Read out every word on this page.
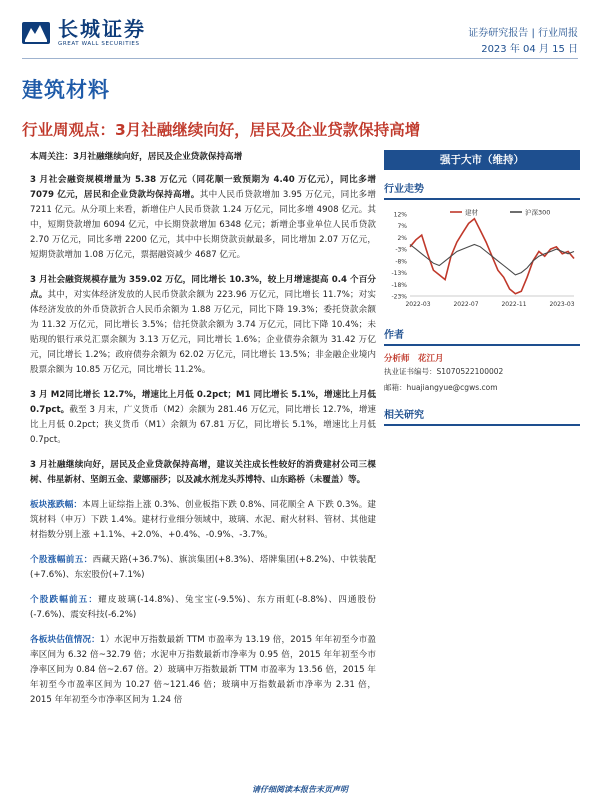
长城证券
GREAT WALL SECURITIES
证券研究报告 | 行业周报
2023 年 04 月 15 日
建筑材料
行业周观点：3月社融继续向好，居民及企业贷款保持高增
本周关注：3月社融继续向好，居民及企业贷款保持高增
3 月社会融资规模增量为 5.38 万亿元（同花顺一致预期为 4.40 万亿元），同比多增 7079 亿元，居民和企业贷款均保持高增。其中人民币贷款增加 3.95 万亿元，同比多增 7211 亿元。从分项上来看，新增住户人民币贷款 1.24 万亿元，同比多增 4908 亿元。其中，短期贷款增加 6094 亿元，中长期贷款增加 6348 亿元；新增企事业单位人民币贷款 2.70 万亿元，同比多增 2200 亿元，其中中长期贷款贡献最多，同比增加 2.07 万亿元，短期贷款增加 1.08 万亿元，票据融资减少 4687 亿元。
3 月社会融资规模存量为 359.02 万亿，同比增长 10.3%，较上月增速提高 0.4 个百分点。其中，对实体经济发放的人民币贷款余额为 223.96 万亿元，同比增长 11.7%；对实体经济发放的外币贷款折合人民币余额为 1.88 万亿元，同比下降 19.3%；委托贷款余额为 11.32 万亿元，同比增长 3.5%；信托贷款余额为 3.74 万亿元，同比下降 10.4%；未贴现的银行承兑汇票余额为 3.13 万亿元，同比增长 1.6%；企业债券余额为 31.42 万亿元，同比增长 1.2%；政府债券余额为 62.02 万亿元，同比增长 13.5%；非金融企业境内股票余额为 10.85 万亿元，同比增长 11.2%。
3 月 M2同比增长 12.7%，增速比上月低 0.2pct；M1 同比增长 5.1%，增速比上月低 0.7pct。截至 3 月末，广义货币（M2）余额为 281.46 万亿元，同比增长 12.7%，增速比上月低 0.2pct；狭义货币（M1）余额为 67.81 万亿，同比增长 5.1%，增速比上月低 0.7pct。
3 月社融继续向好，居民及企业贷款保持高增，建议关注成长性较好的消费建材公司三棵树、伟星新材、坚朗五金、蒙娜丽莎；以及减水剂龙头苏博特、山东路桥（未覆盖）等。
板块涨跌幅：本周上证综指上涨 0.3%、创业板指下跌 0.8%、同花顺全 A 下跌 0.3%。建筑材料（申万）下跌 1.4%。建材行业细分领域中，玻璃、水泥、耐火材料、管材、其他建材指数分别上涨 +1.1%、+2.0%、+0.4%、-0.9%、-3.7%。
个股涨幅前五：西藏天路(+36.7%)、旗滨集团(+8.3%)、塔牌集团(+8.2%)、中铁装配(+7.6%)、东宏股份(+7.1%)
个股跌幅前五：耀皮玻璃(-14.8%)、兔宝宝(-9.5%)、东方雨虹(-8.8%)、四通股份(-7.6%)、震安科技(-6.2%)
各板块估值情况：1）水泥申万指数最新 TTM 市盈率为 13.19 倍，2015 年年初至今市盈率区间为 6.32 倍~32.79 倍；水泥申万指数最新市净率为 0.95 倍，2015 年年初至今市净率区间为 0.84 倍~2.67 倍。2）玻璃申万指数最新 TTM 市盈率为 13.56 倍，2015 年年初至今市盈率区间为 10.27 倍~121.46 倍；玻璃申万指数最新市净率为 2.31 倍，2015 年年初至今市净率区间为 1.24 倍
强于大市（维持）
行业走势
12%
7%
2%
-3%
-8%
-13%
-18%
-23%
2022-03	2022-07	2022-11	2023-03
建材	沪深300
作者
分析师　花江月
执业证书编号：S1070522100002
邮箱：huajiangyue@cgws.com
相关研究
请仔细阅读本报告末页声明
